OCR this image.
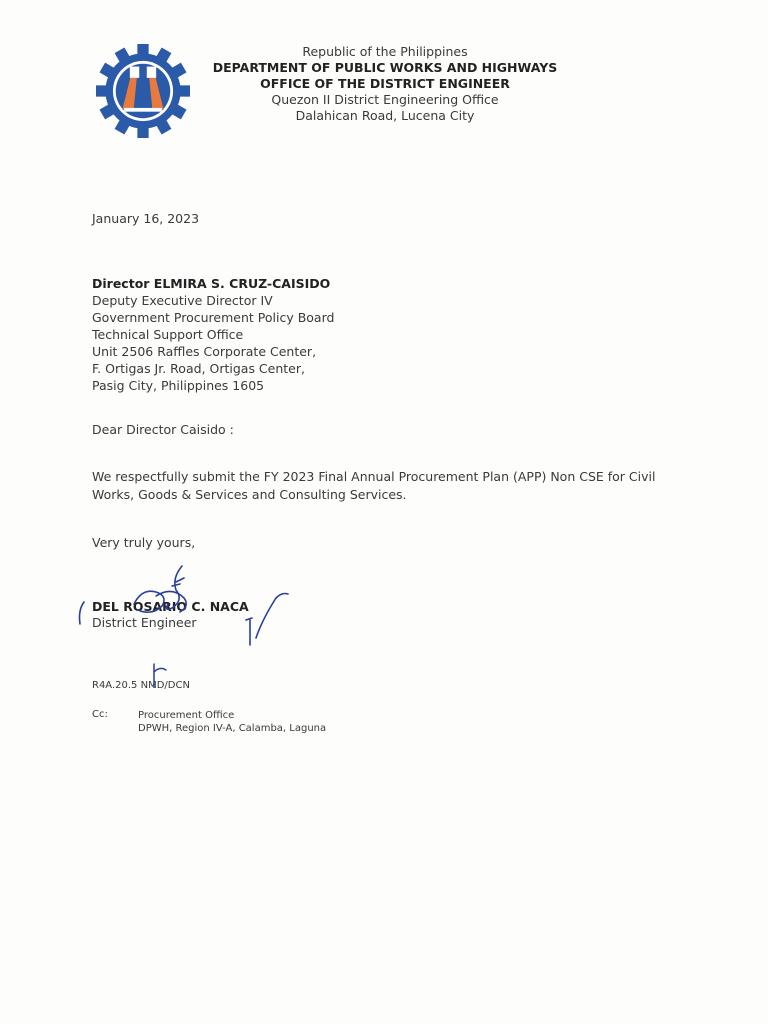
Republic of the Philippines
DEPARTMENT OF PUBLIC WORKS AND HIGHWAYS
OFFICE OF THE DISTRICT ENGINEER
Quezon II District Engineering Office
Dalahican Road, Lucena City
January 16, 2023
Director ELMIRA S. CRUZ-CAISIDO
Deputy Executive Director IV
Government Procurement Policy Board
Technical Support Office
Unit 2506 Raffles Corporate Center,
F. Ortigas Jr. Road, Ortigas Center,
Pasig City, Philippines 1605
Dear Director Caisido :
We respectfully submit the FY 2023 Final Annual Procurement Plan (APP) Non CSE for Civil Works, Goods & Services and Consulting Services.
Very truly yours,
DEL ROSARIO C. NACA
District Engineer
R4A.20.5 NMD/DCN
Cc:	Procurement Office
DPWH, Region IV-A, Calamba, Laguna
